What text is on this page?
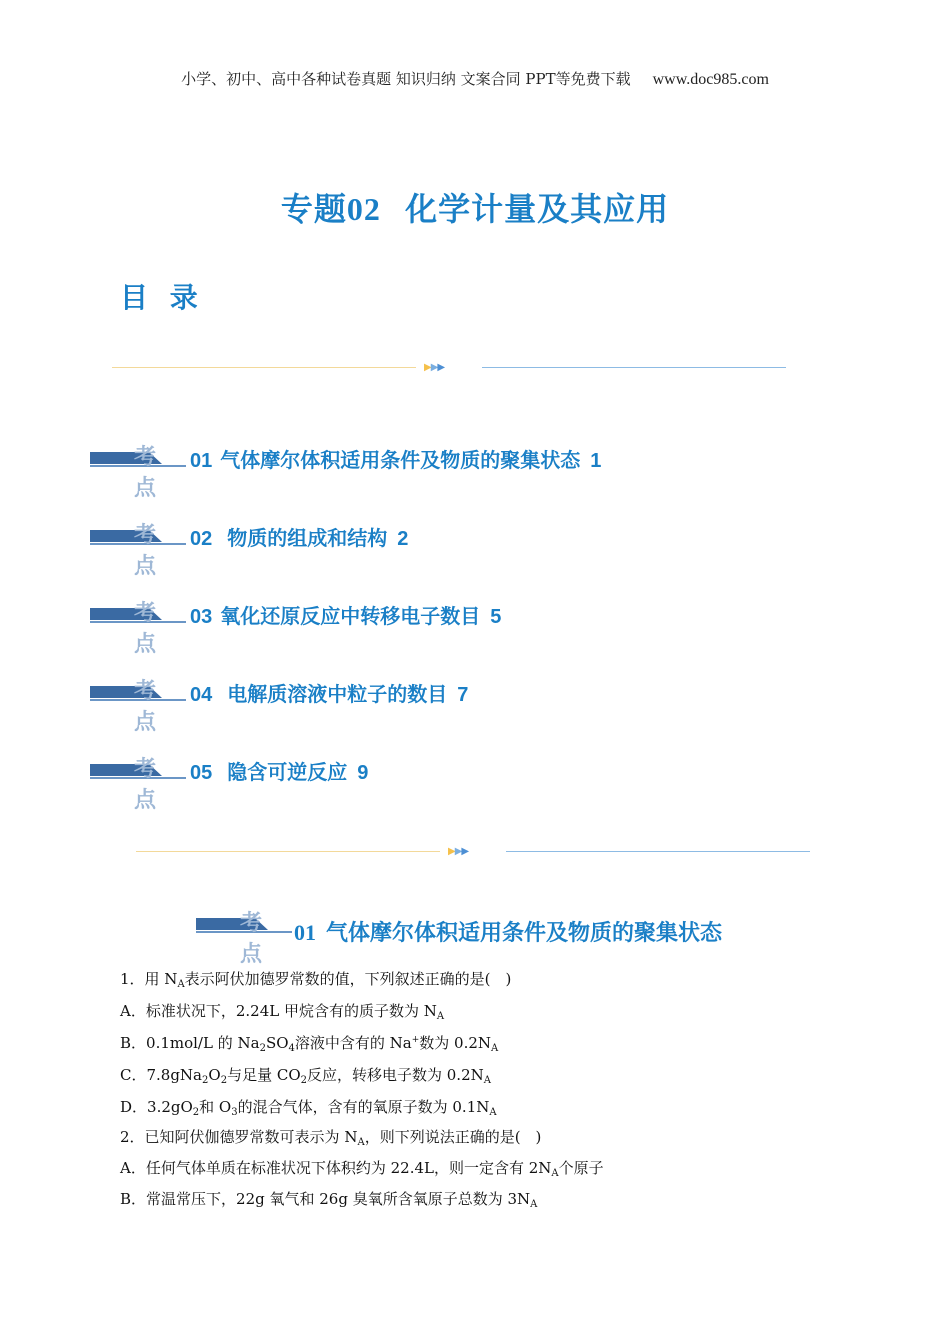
小学、初中、高中各种试卷真题 知识归纳 文案合同 PPT等免费下载 www.doc985.com
专题02 化学计量及其应用
目 录
▶▶▶
考点
01 气体摩尔体积适用条件及物质的聚集状态 1
考点
02 物质的组成和结构 2
考点
03 氧化还原反应中转移电子数目 5
考点
04 电解质溶液中粒子的数目 7
考点
05 隐含可逆反应 9
▶▶▶
考点
01 气体摩尔体积适用条件及物质的聚集状态
1．用 $N_A$表示阿伏加德罗常数的值，下列叙述正确的是(　)
A．标准状况下，2.24L 甲烷含有的质子数为 $N_A$
B．0.1mol/L 的 $Na_2SO_4$溶液中含有的 Na+数为 $0.2N_A$
C．$7.8gNa_2O_2$与足量 $CO_2$反应，转移电子数为 $0.2N_A$
D．$3.2gO_2$和 $O_3$的混合气体，含有的氧原子数为 $0.1N_A$
2．已知阿伏伽德罗常数可表示为 $N_A$，则下列说法正确的是(　)
A．任何气体单质在标准状况下体积约为 22.4L，则一定含有 $2N_A$个原子
B．常温常压下，22g 氧气和 26g 臭氧所含氧原子总数为 $3N_A$
